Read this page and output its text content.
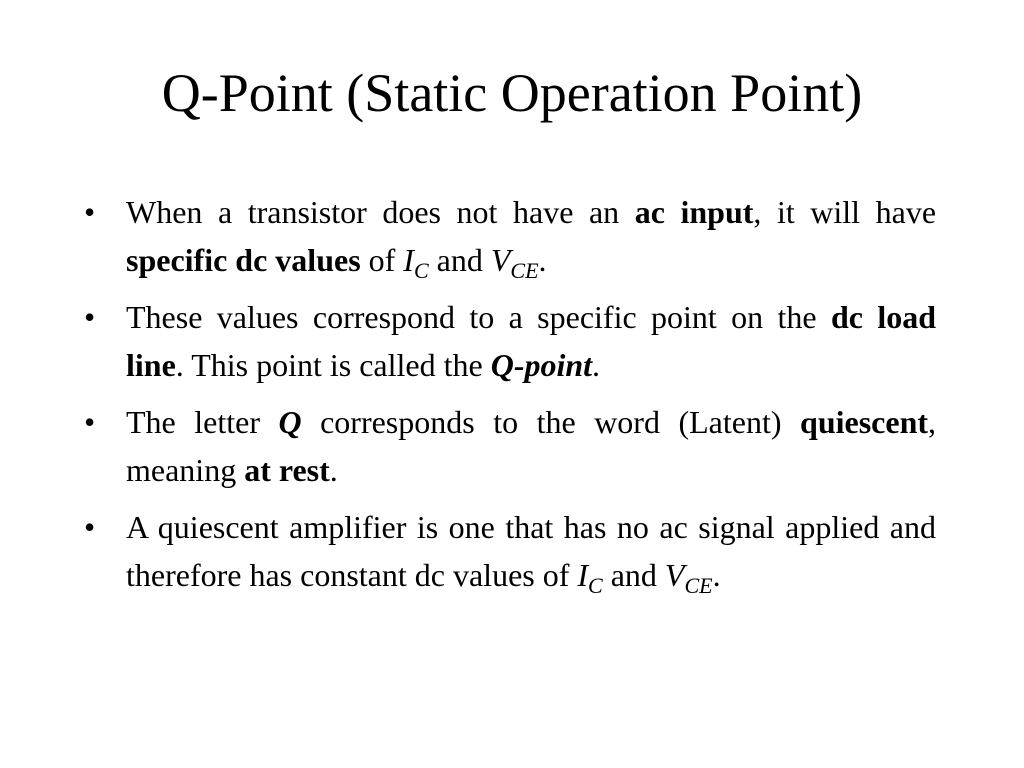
Q-Point (Static Operation Point)
• When a transistor does not have an ac input, it will have specific dc values of $I_C$ and $V_{CE}$.
• These values correspond to a specific point on the dc load line. This point is called the Q-point.
• The letter Q corresponds to the word (Latent) quiescent, meaning at rest.
• A quiescent amplifier is one that has no ac signal applied and therefore has constant dc values of $I_C$ and $V_{CE}$.
